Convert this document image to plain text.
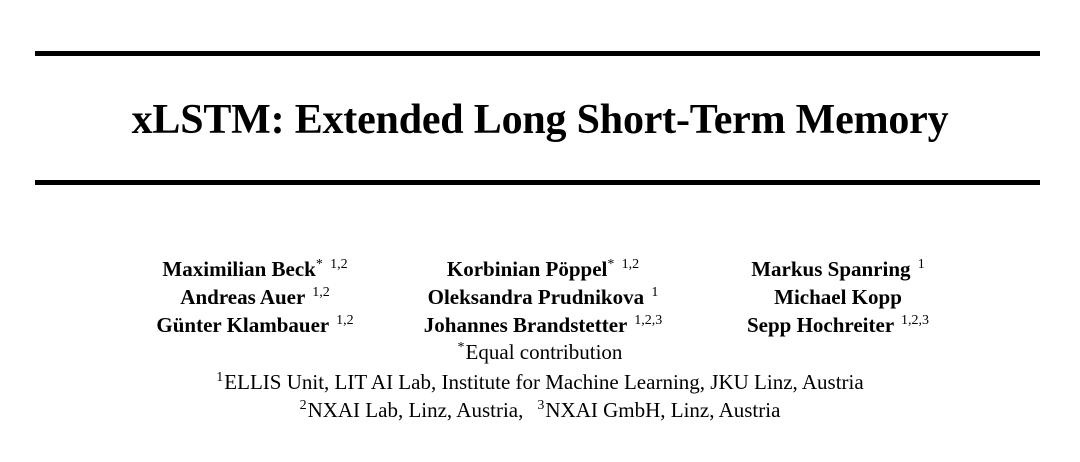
xLSTM: Extended Long Short-Term Memory
Maximilian Beck* $^{1,2}$	Korbinian Pöppel* $^{1,2}$	Markus Spanring $^1$
Andreas Auer $^{1,2}$	Oleksandra Prudnikova $^1$	Michael Kopp
Günter Klambauer $^{1,2}$	Johannes Brandstetter $^{1,2,3}$	Sepp Hochreiter $^{1,2,3}$
*Equal contribution
$^1$ELLIS Unit, LIT AI Lab, Institute for Machine Learning, JKU Linz, Austria
$^2$NXAI Lab, Linz, Austria, $^3$NXAI GmbH, Linz, Austria
